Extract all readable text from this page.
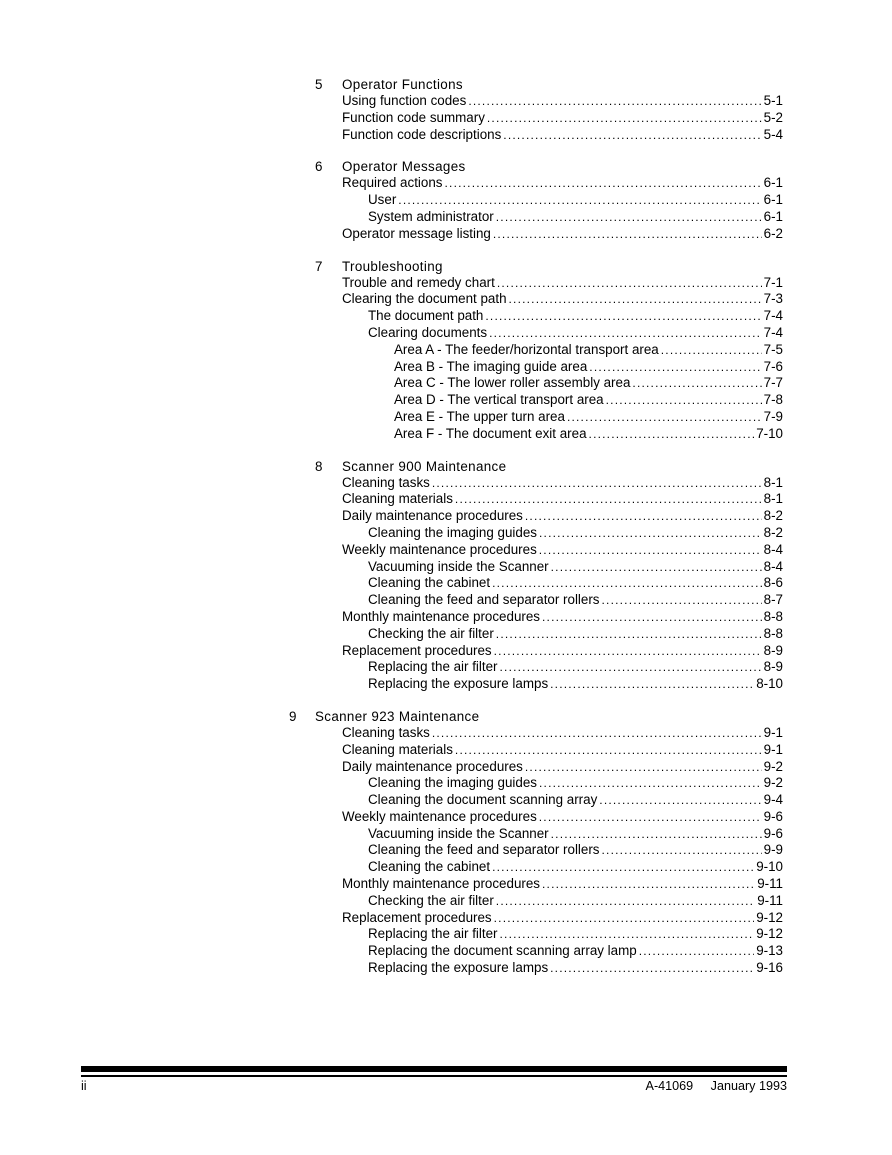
5 Operator Functions
Using function codes .....	5-1
Function code summary .....	5-2
Function code descriptions .....	5-4
6 Operator Messages
Required actions .....	6-1
User .....	6-1
System administrator .....	6-1
Operator message listing .....	6-2
7 Troubleshooting
Trouble and remedy chart .....	7-1
Clearing the document path .....	7-3
The document path .....	7-4
Clearing documents .....	7-4
Area A - The feeder/horizontal transport area .....	7-5
Area B - The imaging guide area .....	7-6
Area C - The lower roller assembly area .....	7-7
Area D - The vertical transport area .....	7-8
Area E - The upper turn area .....	7-9
Area F - The document exit area .....	7-10
8 Scanner 900 Maintenance
Cleaning tasks .....	8-1
Cleaning materials .....	8-1
Daily maintenance procedures .....	8-2
Cleaning the imaging guides .....	8-2
Weekly maintenance procedures .....	8-4
Vacuuming inside the Scanner .....	8-4
Cleaning the cabinet .....	8-6
Cleaning the feed and separator rollers .....	8-7
Monthly maintenance procedures .....	8-8
Checking the air filter .....	8-8
Replacement procedures .....	8-9
Replacing the air filter .....	8-9
Replacing the exposure lamps .....	8-10
9 Scanner 923 Maintenance
Cleaning tasks .....	9-1
Cleaning materials .....	9-1
Daily maintenance procedures .....	9-2
Cleaning the imaging guides .....	9-2
Cleaning the document scanning array .....	9-4
Weekly maintenance procedures .....	9-6
Vacuuming inside the Scanner .....	9-6
Cleaning the feed and separator rollers .....	9-9
Cleaning the cabinet .....	9-10
Monthly maintenance procedures .....	9-11
Checking the air filter .....	9-11
Replacement procedures .....	9-12
Replacing the air filter .....	9-12
Replacing the document scanning array lamp .....	9-13
Replacing the exposure lamps .....	9-16
ii	A-41069 January 1993
